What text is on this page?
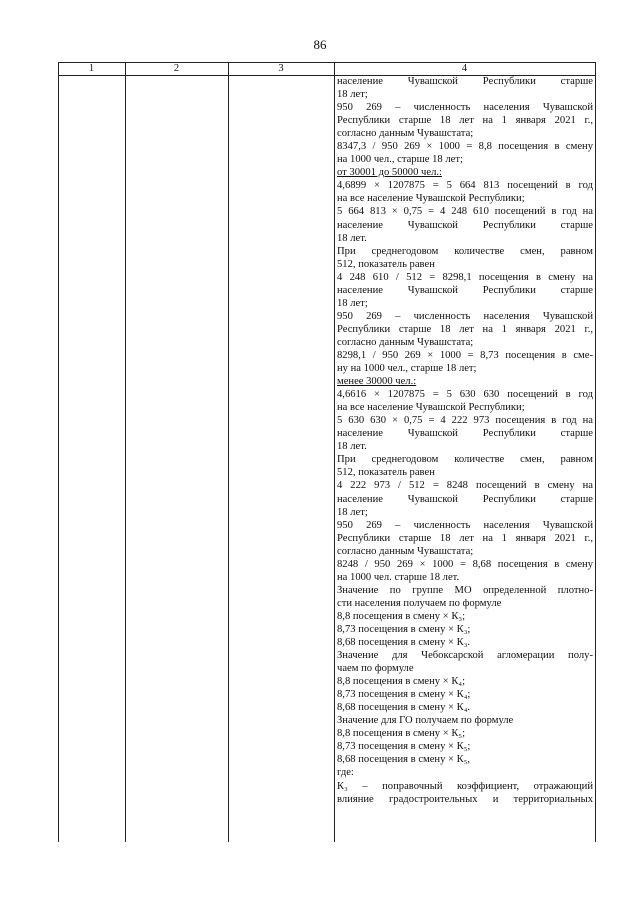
86
1	2	3	4
население Чувашской Республики старше
18 лет;
950 269 – численность населения Чувашской
Республики старше 18 лет на 1 января 2021 г.,
согласно данным Чувашстата;
8347,3 / 950 269 × 1000 = 8,8 посещения в смену
на 1000 чел., старше 18 лет;
от 30001 до 50000 чел.:
4,6899 × 1207875 = 5 664 813 посещений в год
на все население Чувашской Республики;
5 664 813 × 0,75 = 4 248 610 посещений в год на
население Чувашской Республики старше
18 лет.
При среднегодовом количестве смен, равном
512, показатель равен
4 248 610 / 512 = 8298,1 посещения в смену на
население Чувашской Республики старше
18 лет;
950 269 – численность населения Чувашской
Республики старше 18 лет на 1 января 2021 г.,
согласно данным Чувашстата;
8298,1 / 950 269 × 1000 = 8,73 посещения в сме-
ну на 1000 чел., старше 18 лет;
менее 30000 чел.:
4,6616 × 1207875 = 5 630 630 посещений в год
на все население Чувашской Республики;
5 630 630 × 0,75 = 4 222 973 посещения в год на
население Чувашской Республики старше
18 лет.
При среднегодовом количестве смен, равном
512, показатель равен
4 222 973 / 512 = 8248 посещений в смену на
население Чувашской Республики старше
18 лет;
950 269 – численность населения Чувашской
Республики старше 18 лет на 1 января 2021 г.,
согласно данным Чувашстата;
8248 / 950 269 × 1000 = 8,68 посещения в смену
на 1000 чел. старше 18 лет.
Значение по группе МО определенной плотно-
сти населения получаем по формуле
8,8 посещения в смену × К₃;
8,73 посещения в смену × К₃;
8,68 посещения в смену × К₃.
Значение для Чебоксарской агломерации полу-
чаем по формуле
8,8 посещения в смену × К₄;
8,73 посещения в смену × К₄;
8,68 посещения в смену × К₄.
Значение для ГО получаем по формуле
8,8 посещения в смену × К₅;
8,73 посещения в смену × К₅;
8,68 посещения в смену × К₅,
где:
К₃ – поправочный коэффициент, отражающий
влияние градостроительных и территориальных
